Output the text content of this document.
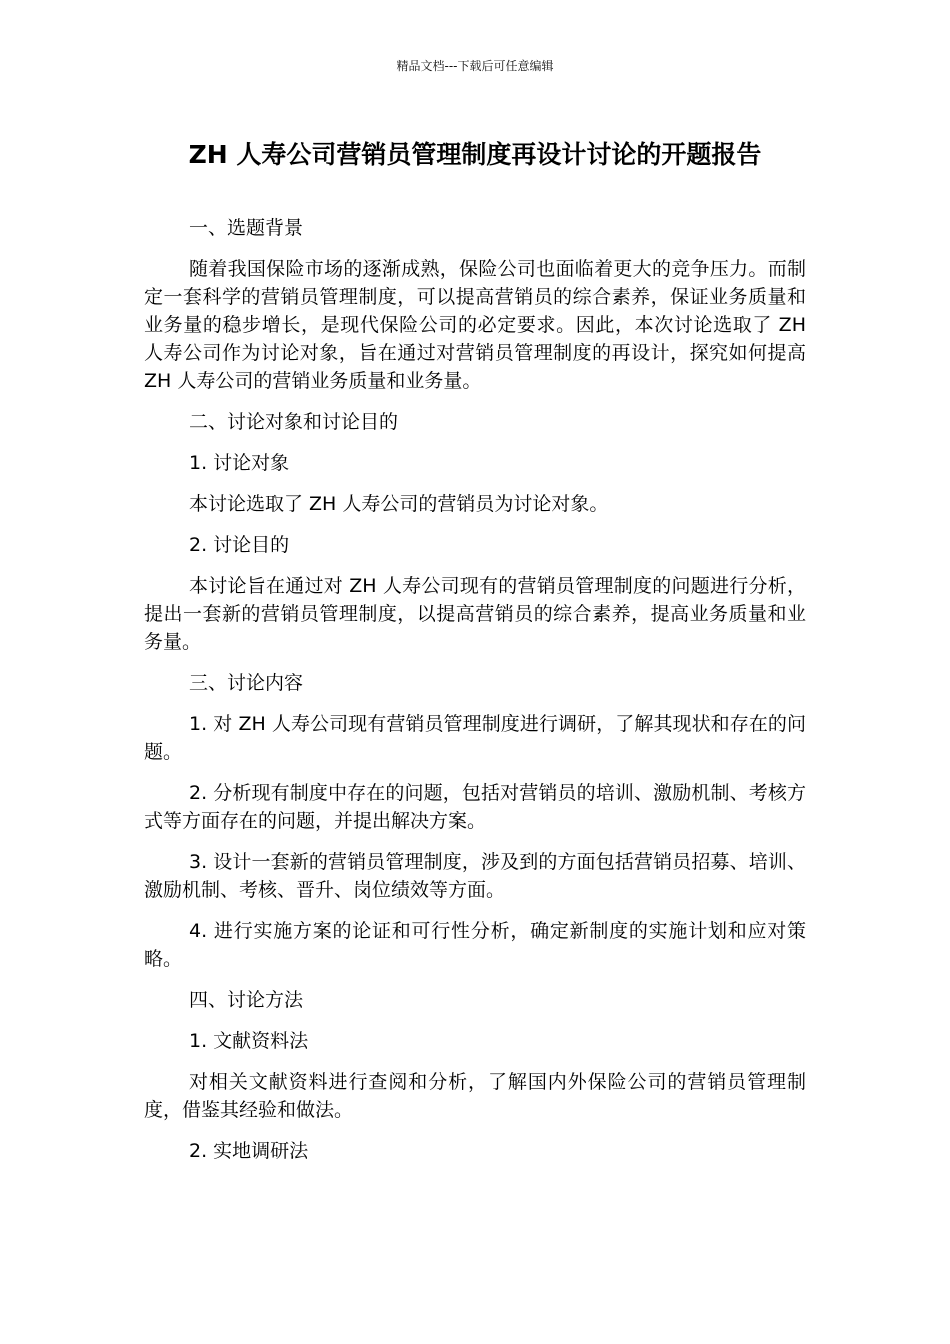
精品文档---下载后可任意编辑
ZH 人寿公司营销员管理制度再设计讨论的开题报告

一、选题背景

随着我国保险市场的逐渐成熟，保险公司也面临着更大的竞争压力。而制定一套科学的营销员管理制度，可以提高营销员的综合素养，保证业务质量和业务量的稳步增长，是现代保险公司的必定要求。因此，本次讨论选取了 ZH 人寿公司作为讨论对象，旨在通过对营销员管理制度的再设计，探究如何提高 ZH 人寿公司的营销业务质量和业务量。

二、讨论对象和讨论目的

1. 讨论对象

本讨论选取了 ZH 人寿公司的营销员为讨论对象。

2. 讨论目的

本讨论旨在通过对 ZH 人寿公司现有的营销员管理制度的问题进行分析，提出一套新的营销员管理制度，以提高营销员的综合素养，提高业务质量和业务量。

三、讨论内容

1. 对 ZH 人寿公司现有营销员管理制度进行调研，了解其现状和存在的问题。

2. 分析现有制度中存在的问题，包括对营销员的培训、激励机制、考核方式等方面存在的问题，并提出解决方案。

3. 设计一套新的营销员管理制度，涉及到的方面包括营销员招募、培训、激励机制、考核、晋升、岗位绩效等方面。

4. 进行实施方案的论证和可行性分析，确定新制度的实施计划和应对策略。

四、讨论方法

1. 文献资料法

对相关文献资料进行查阅和分析，了解国内外保险公司的营销员管理制度，借鉴其经验和做法。

2. 实地调研法
